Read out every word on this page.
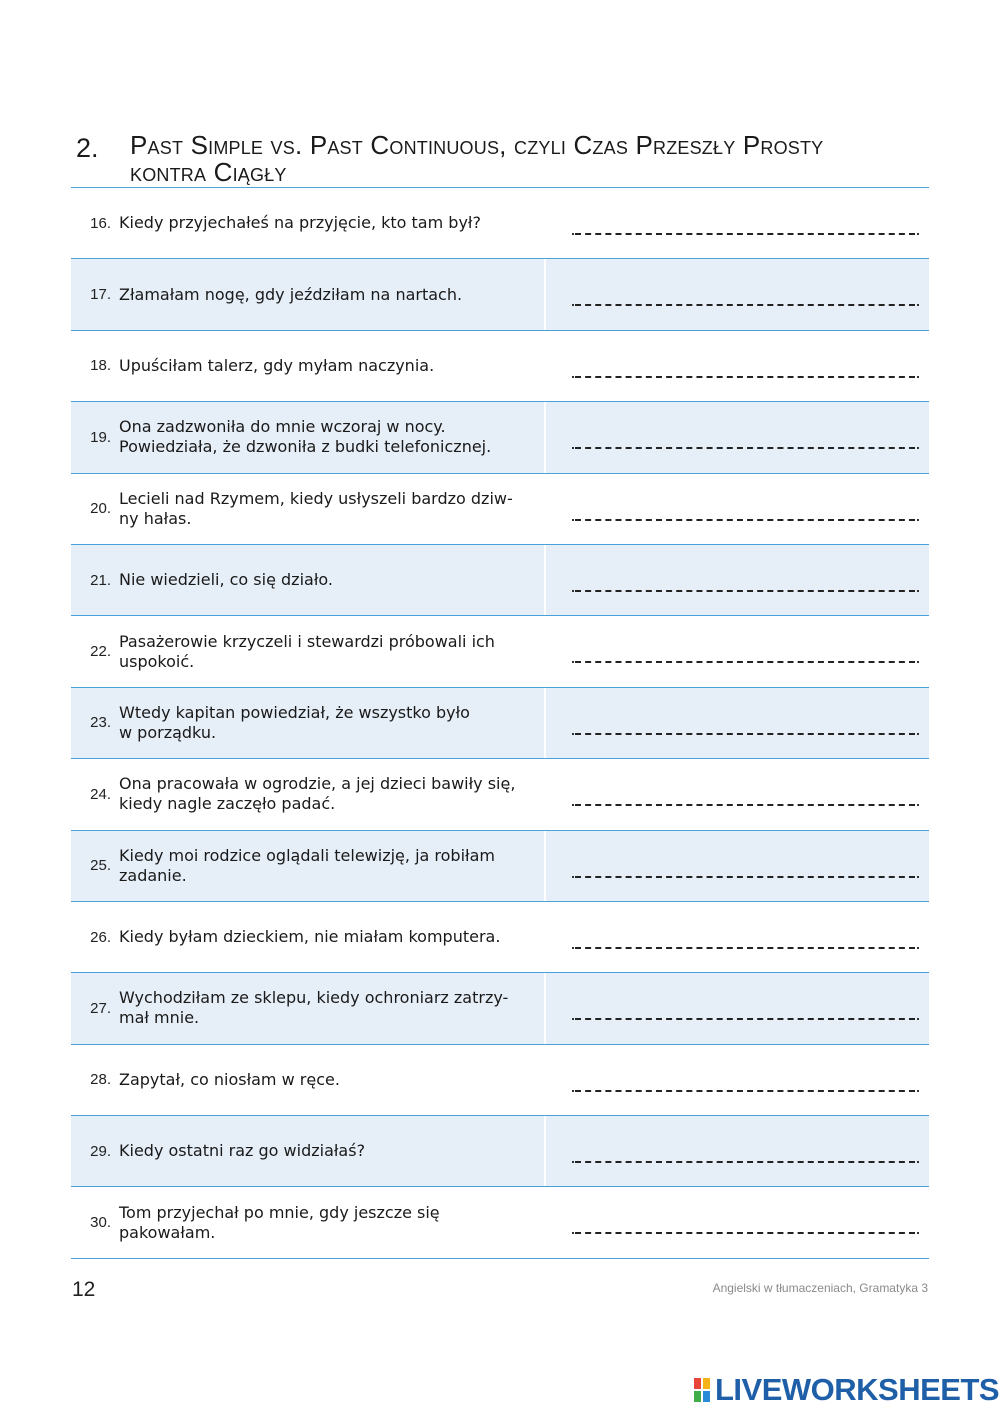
2. Past Simple vs. Past Continuous, czyli Czas Przeszły Prosty
kontra Ciągły
16. Kiedy przyjechałeś na przyjęcie, kto tam był?
17. Złamałam nogę, gdy jeździłam na nartach.
18. Upuściłam talerz, gdy myłam naczynia.
19.
Ona zadzwoniła do mnie wczoraj w nocy.
Powiedziała, że dzwoniła z budki telefonicznej.
20.
Lecieli nad Rzymem, kiedy usłyszeli bardzo dziw-
ny hałas.
21. Nie wiedzieli, co się działo.
22.
Pasażerowie krzyczeli i stewardzi próbowali ich
uspokoić.
23.
Wtedy kapitan powiedział, że wszystko było
w porządku.
24.
Ona pracowała w ogrodzie, a jej dzieci bawiły się,
kiedy nagle zaczęło padać.
25.
Kiedy moi rodzice oglądali telewizję, ja robiłam
zadanie.
26. Kiedy byłam dzieckiem, nie miałam komputera.
27.
Wychodziłam ze sklepu, kiedy ochroniarz zatrzy-
mał mnie.
28. Zapytał, co niosłam w ręce.
29. Kiedy ostatni raz go widziałaś?
30.
Tom przyjechał po mnie, gdy jeszcze się
pakowałam.
12	Angielski w tłumaczeniach, Gramatyka 3
LIVEWORKSHEETS
